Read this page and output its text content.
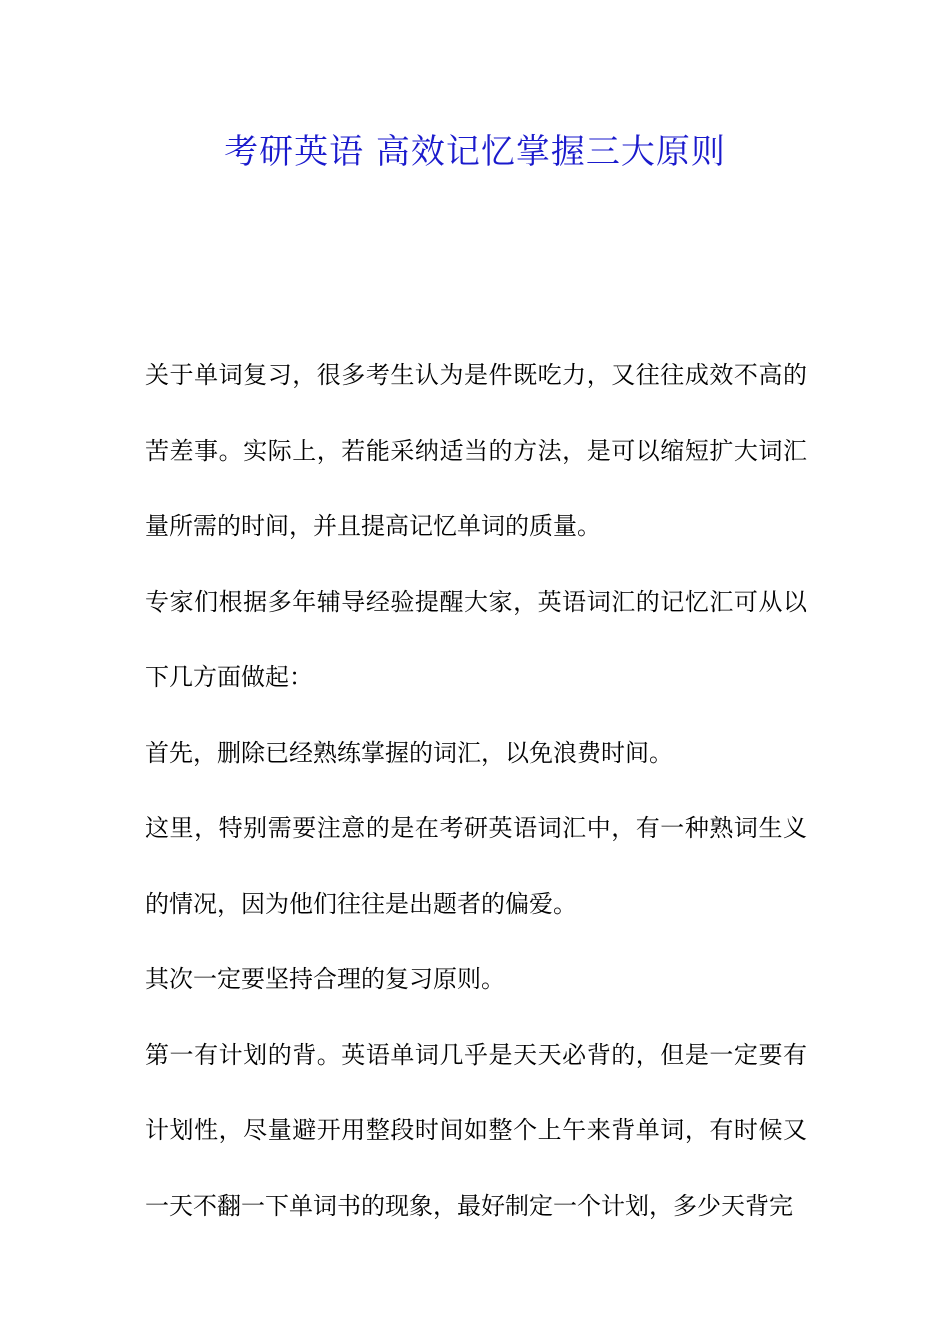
考研英语 高效记忆掌握三大原则

关于单词复习，很多考生认为是件既吃力，又往往成效不高的苦差事。实际上，若能采纳适当的方法，是可以缩短扩大词汇量所需的时间，并且提高记忆单词的质量。

专家们根据多年辅导经验提醒大家，英语词汇的记忆汇可从以下几方面做起：

首先，删除已经熟练掌握的词汇，以免浪费时间。

这里，特别需要注意的是在考研英语词汇中，有一种熟词生义的情况，因为他们往往是出题者的偏爱。

其次一定要坚持合理的复习原则。

第一有计划的背。英语单词几乎是天天必背的，但是一定要有计划性，尽量避开用整段时间如整个上午来背单词，有时候又一天不翻一下单词书的现象，最好制定一个计划，多少天背完
